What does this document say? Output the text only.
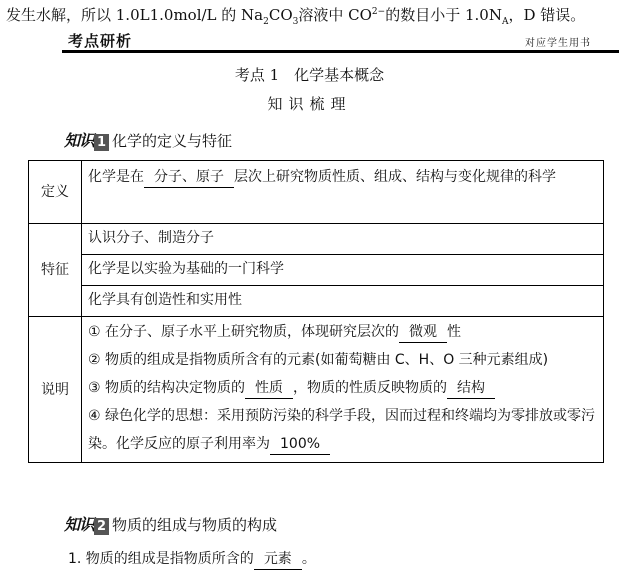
发生水解，所以 1.0L1.0mol/L 的 $Na_2CO_3$溶液中 $CO^{2-}$的数目小于 $1.0N_A$，D 错误。
考点研析	对应学生用书
考点 1　化学基本概念
知识梳理
知识 1 化学的定义与特征
定义	化学是在 分子、原子 层次上研究物质性质、组成、结构与变化规律的科学
特征	认识分子、制造分子
	化学是以实验为基础的一门科学
	化学具有创造性和实用性
说明	① 在分子、原子水平上研究物质，体现研究层次的 微观 性
② 物质的组成是指物质所含有的元素(如葡萄糖由 C、H、O 三种元素组成)
③ 物质的结构决定物质的 性质 ，物质的性质反映物质的 结构
④ 绿色化学的思想：采用预防污染的科学手段，因而过程和终端均为零排放或零污染。化学反应的原子利用率为 100%
知识 2 物质的组成与物质的构成
1. 物质的组成是指物质所含的 元素 。
